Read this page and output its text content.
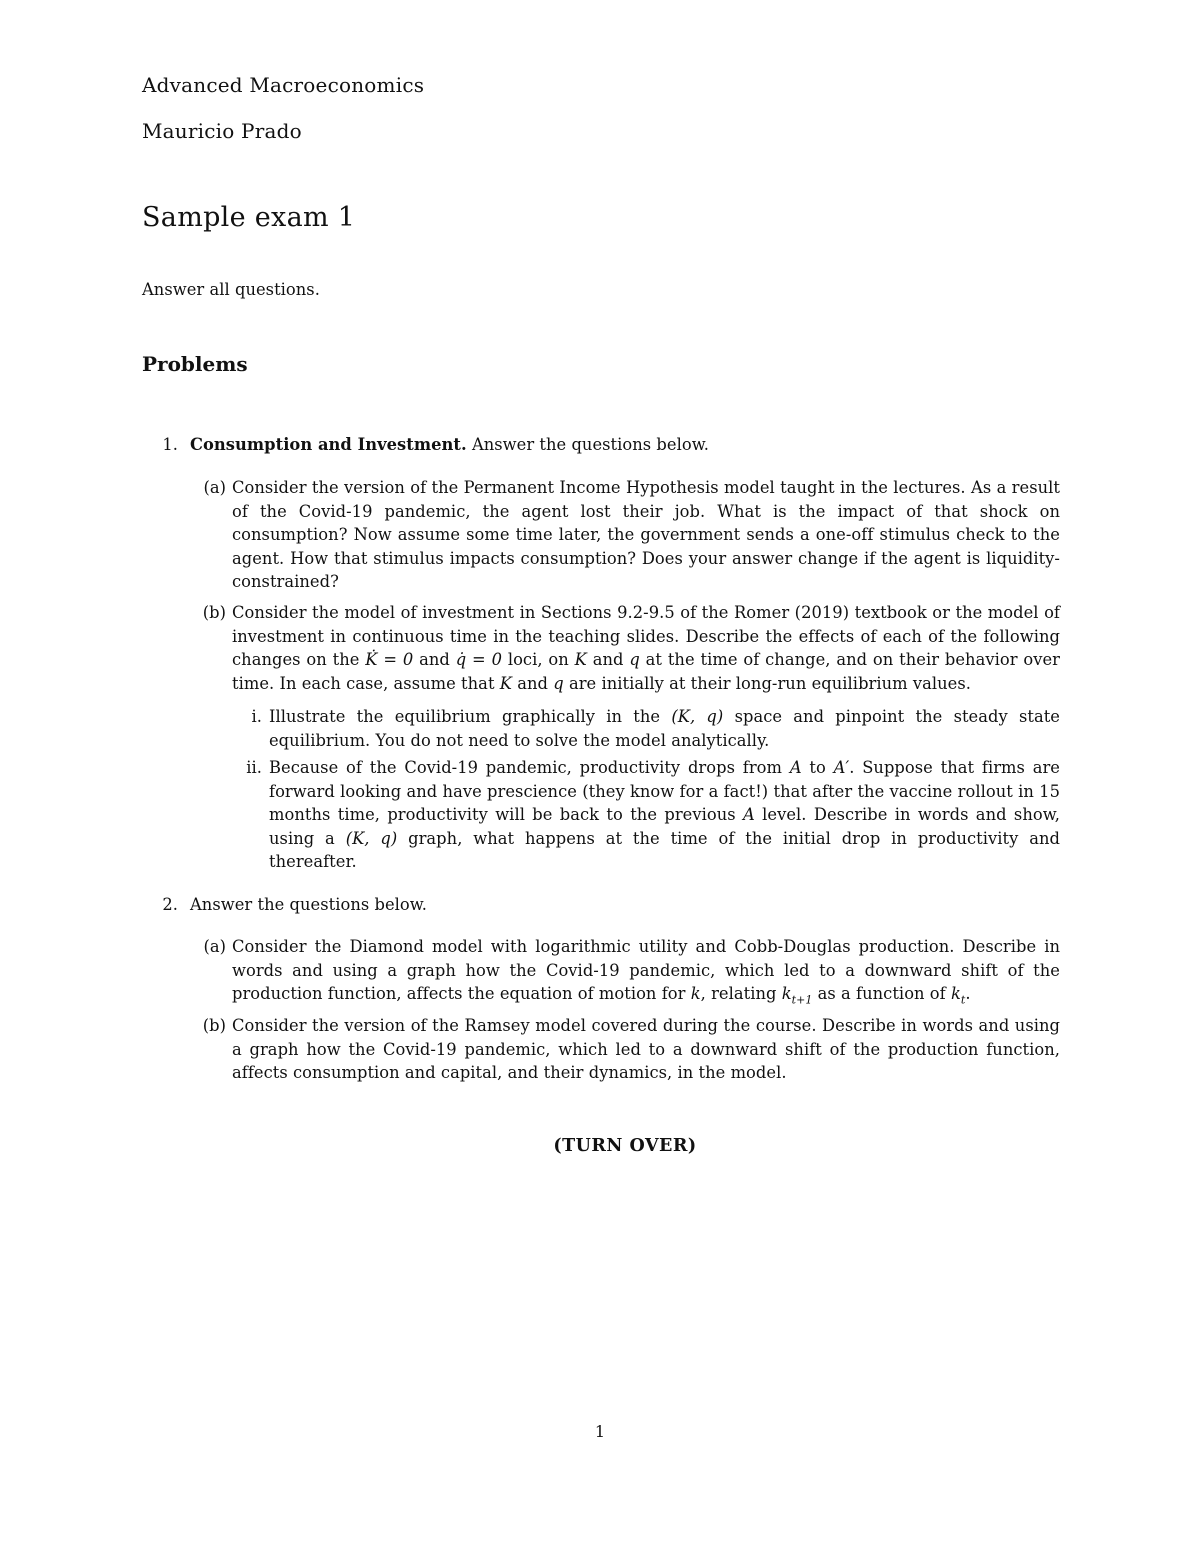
Advanced Macroeconomics
Mauricio Prado
Sample exam 1
Answer all questions.
Problems
1. Consumption and Investment. Answer the questions below.
(a) Consider the version of the Permanent Income Hypothesis model taught in the lectures. As a result of the Covid-19 pandemic, the agent lost their job. What is the impact of that shock on consumption? Now assume some time later, the government sends a one-off stimulus check to the agent. How that stimulus impacts consumption? Does your answer change if the agent is liquidity-constrained?
(b) Consider the model of investment in Sections 9.2-9.5 of the Romer (2019) textbook or the model of investment in continuous time in the teaching slides. Describe the effects of each of the following changes on the K̇ = 0 and q̇ = 0 loci, on K and q at the time of change, and on their behavior over time. In each case, assume that K and q are initially at their long-run equilibrium values.
i. Illustrate the equilibrium graphically in the (K, q) space and pinpoint the steady state equilibrium. You do not need to solve the model analytically.
ii. Because of the Covid-19 pandemic, productivity drops from A to A′. Suppose that firms are forward looking and have prescience (they know for a fact!) that after the vaccine rollout in 15 months time, productivity will be back to the previous A level. Describe in words and show, using a (K, q) graph, what happens at the time of the initial drop in productivity and thereafter.
2. Answer the questions below.
(a) Consider the Diamond model with logarithmic utility and Cobb-Douglas production. Describe in words and using a graph how the Covid-19 pandemic, which led to a downward shift of the production function, affects the equation of motion for k, relating $k_{t+1}$ as a function of $k_t$.
(b) Consider the version of the Ramsey model covered during the course. Describe in words and using a graph how the Covid-19 pandemic, which led to a downward shift of the production function, affects consumption and capital, and their dynamics, in the model.
(TURN OVER)
1
